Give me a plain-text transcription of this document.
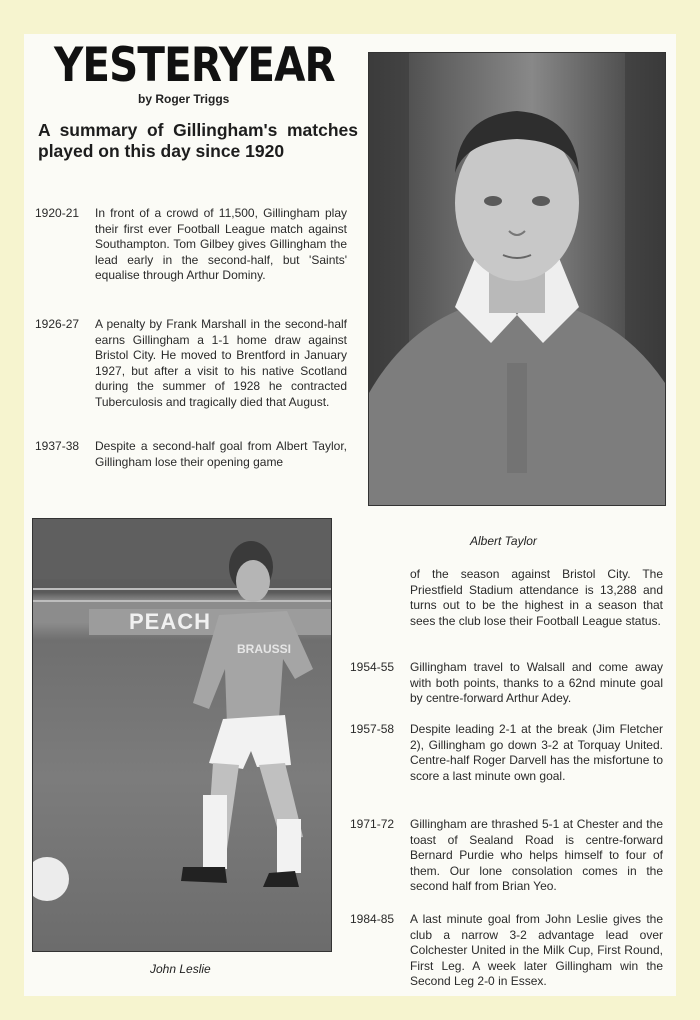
YESTERYEAR
by Roger Triggs
A summary of Gillingham's matches played on this day since 1920
1920-21	In front of a crowd of 11,500, Gillingham play their first ever Football League match against Southampton. Tom Gilbey gives Gillingham the lead early in the second-half, but 'Saints' equalise through Arthur Dominy.
1926-27	A penalty by Frank Marshall in the second-half earns Gillingham a 1-1 home draw against Bristol City. He moved to Brentford in January 1927, but after a visit to his native Scotland during the summer of 1928 he contracted Tuberculosis and tragically died that August.
1937-38	Despite a second-half goal from Albert Taylor, Gillingham lose their opening game
Albert Taylor
PEACH
BRAUSSI
John Leslie
of the season against Bristol City. The Priestfield Stadium attendance is 13,288 and turns out to be the highest in a season that sees the club lose their Football League status.
1954-55	Gillingham travel to Walsall and come away with both points, thanks to a 62nd minute goal by centre-forward Arthur Adey.
1957-58	Despite leading 2-1 at the break (Jim Fletcher 2), Gillingham go down 3-2 at Torquay United. Centre-half Roger Darvell has the misfortune to score a last minute own goal.
1971-72	Gillingham are thrashed 5-1 at Chester and the toast of Sealand Road is centre-forward Bernard Purdie who helps himself to four of them. Our lone consolation comes in the second half from Brian Yeo.
1984-85	A last minute goal from John Leslie gives the club a narrow 3-2 advantage lead over Colchester United in the Milk Cup, First Round, First Leg. A week later Gillingham win the Second Leg 2-0 in Essex.
